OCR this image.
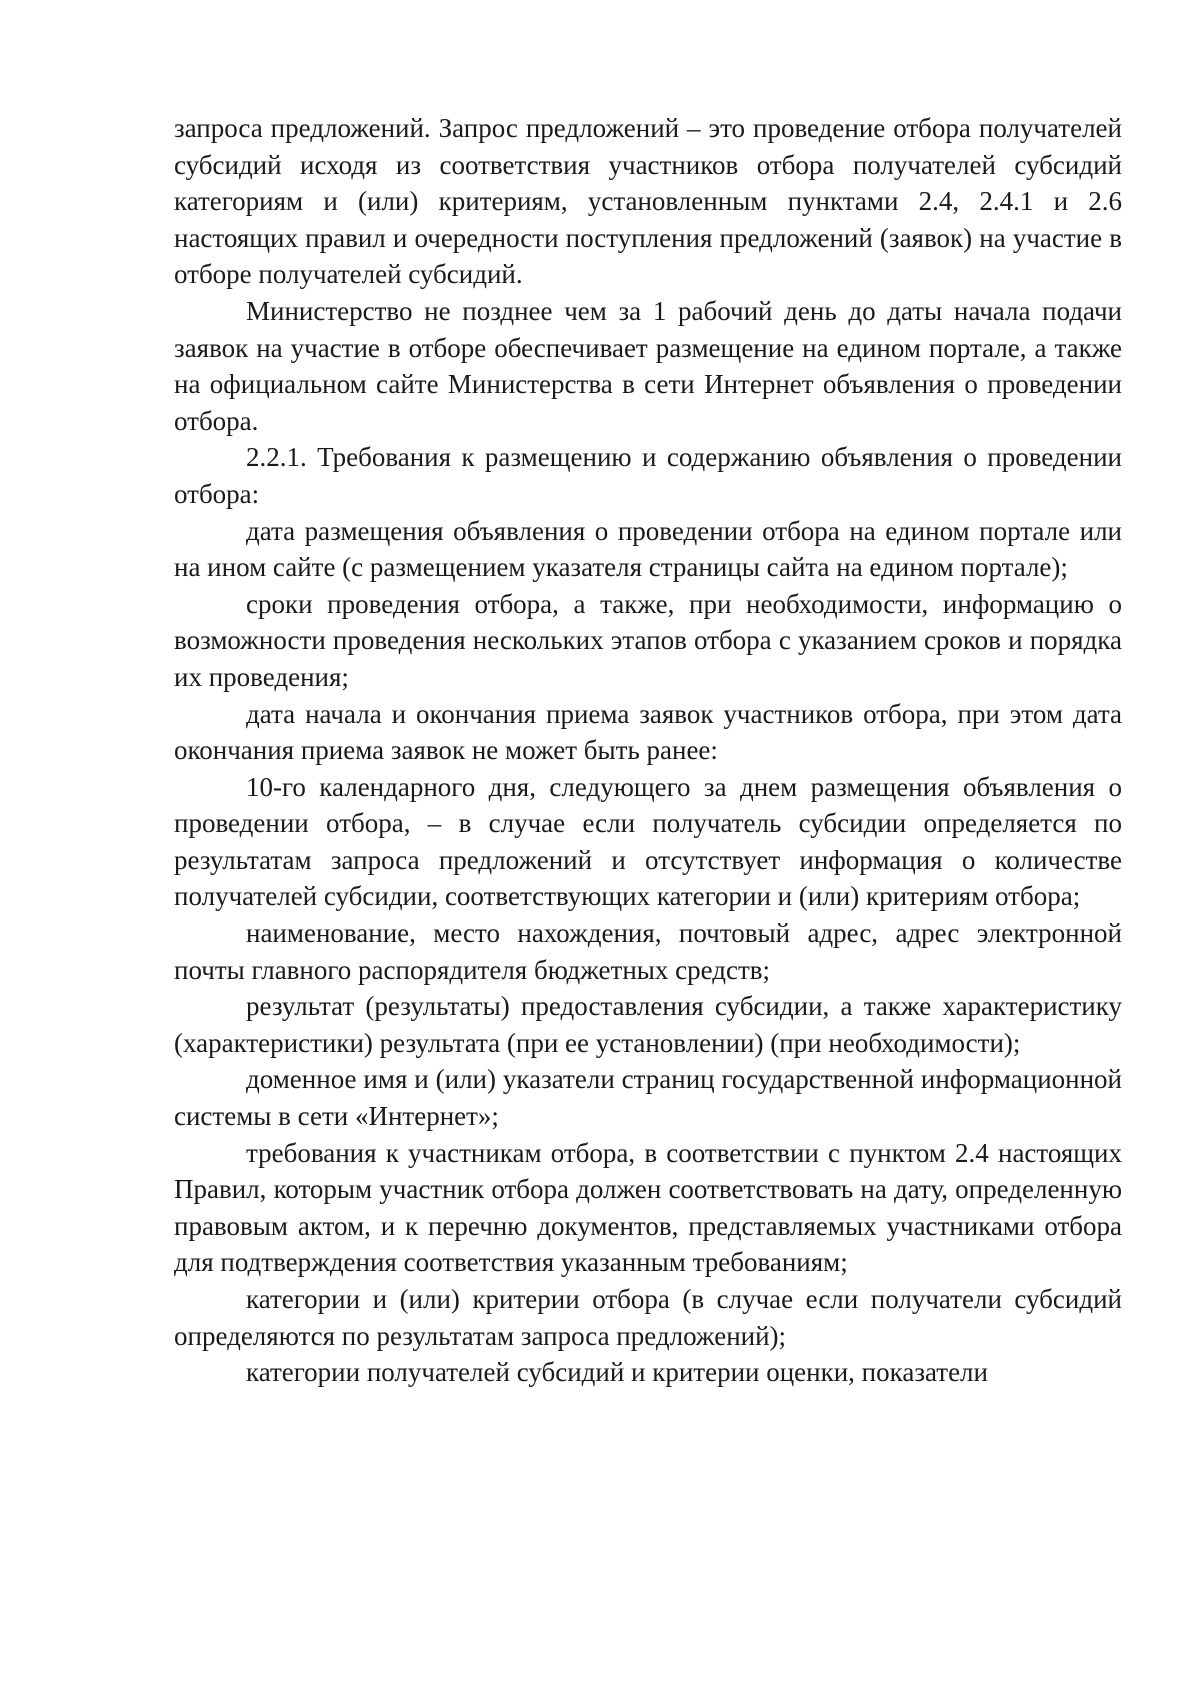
запроса предложений. Запрос предложений – это проведение отбора получателей субсидий исходя из соответствия участников отбора получателей субсидий категориям и (или) критериям, установленным пунктами 2.4, 2.4.1 и 2.6 настоящих правил и очередности поступления предложений (заявок) на участие в отборе получателей субсидий.

Министерство не позднее чем за 1 рабочий день до даты начала подачи заявок на участие в отборе обеспечивает размещение на едином портале, а также на официальном сайте Министерства в сети Интернет объявления о проведении отбора.

2.2.1. Требования к размещению и содержанию объявления о проведении отбора:

дата размещения объявления о проведении отбора на едином портале или на ином сайте (с размещением указателя страницы сайта на едином портале);

сроки проведения отбора, а также, при необходимости, информацию о возможности проведения нескольких этапов отбора с указанием сроков и порядка их проведения;

дата начала и окончания приема заявок участников отбора, при этом дата окончания приема заявок не может быть ранее:

10-го календарного дня, следующего за днем размещения объявления о проведении отбора, – в случае если получатель субсидии определяется по результатам запроса предложений и отсутствует информация о количестве получателей субсидии, соответствующих категории и (или) критериям отбора;

наименование, место нахождения, почтовый адрес, адрес электронной почты главного распорядителя бюджетных средств;

результат (результаты) предоставления субсидии, а также характеристику (характеристики) результата (при ее установлении) (при необходимости);

доменное имя и (или) указатели страниц государственной информационной системы в сети «Интернет»;

требования к участникам отбора, в соответствии с пунктом 2.4 настоящих Правил, которым участник отбора должен соответствовать на дату, определенную правовым актом, и к перечню документов, представляемых участниками отбора для подтверждения соответствия указанным требованиям;

категории и (или) критерии отбора (в случае если получатели субсидий определяются по результатам запроса предложений);

категории получателей субсидий и критерии оценки, показатели
